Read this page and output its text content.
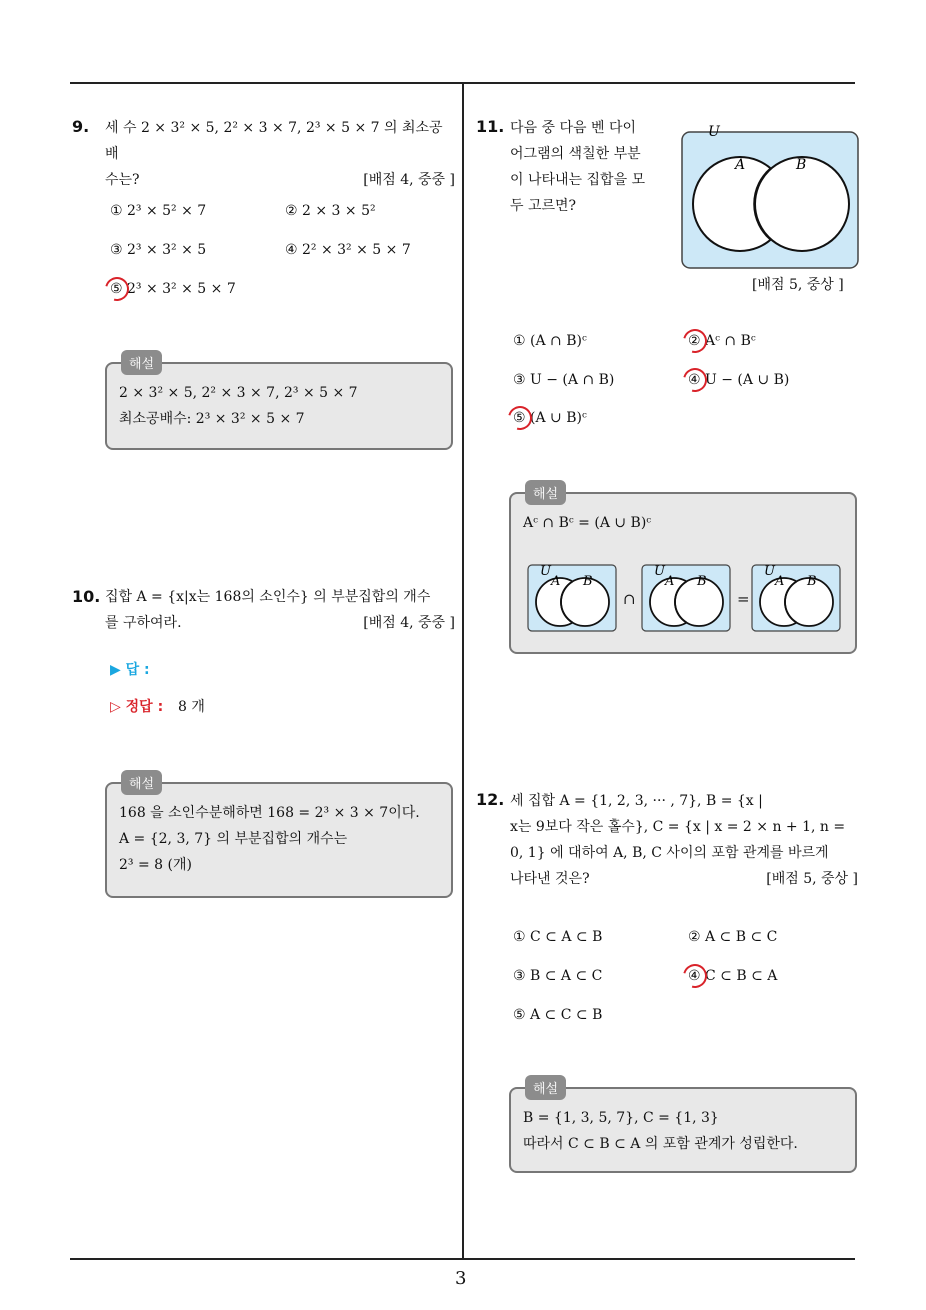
9. 세 수 2 × 3² × 5, 2² × 3 × 7, 2³ × 5 × 7 의 최소공배
수는?	[배점 4, 중중 ]
① 2³ × 5² × 7	② 2 × 3 × 5²
③ 2³ × 3² × 5	④ 2² × 3² × 5 × 7
⑤ 2³ × 3² × 5 × 7
해설
2 × 3² × 5, 2² × 3 × 7, 2³ × 5 × 7
최소공배수: 2³ × 3² × 5 × 7
10. 집합 A = {x|x는 168의 소인수} 의 부분집합의 개수
를 구하여라.	[배점 4, 중중 ]
▶ 답 :
▷ 정답 : 8 개
해설
168 을 소인수분해하면 168 = 2³ × 3 × 7이다.
A = {2, 3, 7} 의 부분집합의 개수는
2³ = 8 (개)
11. 다음 중 다음 벤 다이
어그램의 색칠한 부분
이 나타내는 집합을 모
두 고르면?
U
A	B
[배점 5, 중상 ]
① (A ∩ B)ᶜ	② Aᶜ ∩ Bᶜ
③ U − (A ∩ B)	④ U − (A ∪ B)
⑤ (A ∪ B)ᶜ
해설
Aᶜ ∩ Bᶜ = (A ∪ B)ᶜ
U
A B
∩
U
A B
=
U
A B
12. 세 집합 A = {1, 2, 3, ··· , 7}, B = {x |
x는 9보다 작은 홀수}, C = {x | x = 2 × n + 1, n =
0, 1} 에 대하여 A, B, C 사이의 포함 관계를 바르게
나타낸 것은?	[배점 5, 중상 ]
① C ⊂ A ⊂ B	② A ⊂ B ⊂ C
③ B ⊂ A ⊂ C	④ C ⊂ B ⊂ A
⑤ A ⊂ C ⊂ B
해설
B = {1, 3, 5, 7}, C = {1, 3}
따라서 C ⊂ B ⊂ A 의 포함 관계가 성립한다.
3
